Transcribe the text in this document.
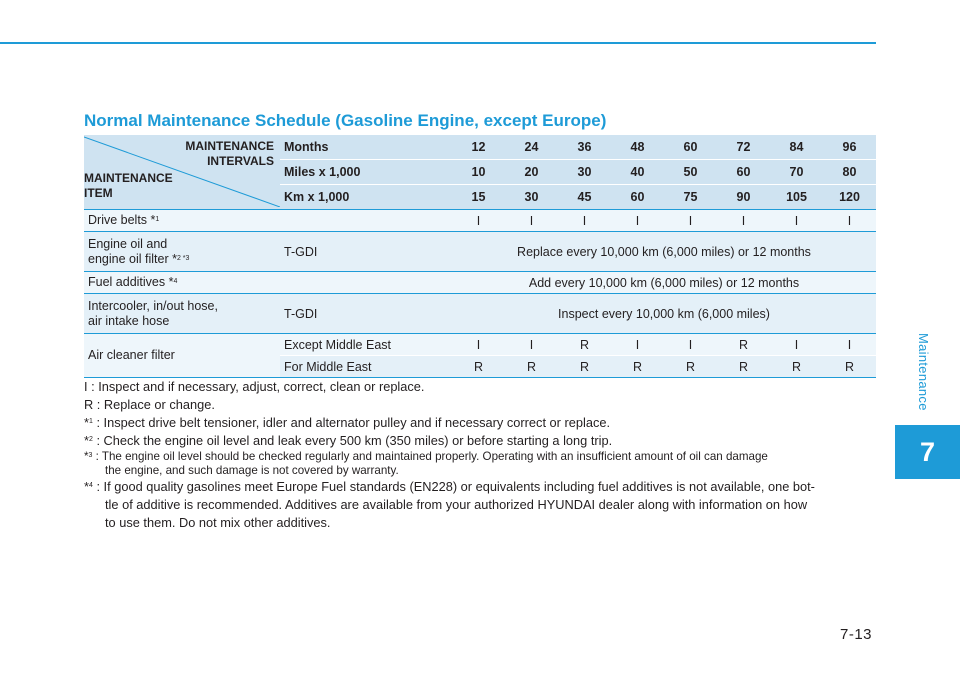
Maintenance
7
7-13
Normal Maintenance Schedule (Gasoline Engine, except Europe)
MAINTENANCE
INTERVALS
MAINTENANCE
ITEM	Months	12	24	36	48	60	72	84	96
	Miles x 1,000	10	20	30	40	50	60	70	80
	Km x 1,000	15	30	45	60	75	90	105	120
Drive belts *$^1$		I	I	I	I	I	I	I	I

Engine oil and
engine oil filter *$^{2 *3}$	T-GDI	Replace every 10,000 km (6,000 miles) or 12 months							
Fuel additives *$^4$		Add every 10,000 km (6,000 miles) or 12 months							

Intercooler, in/out hose,
air intake hose	T-GDI	Inspect every 10,000 km (6,000 miles)							
Air cleaner filter	Except Middle East	I	I	R	I	I	R	I	I
	For Middle East	R	R	R	R	R	R	R	R

I : Inspect and if necessary, adjust, correct, clean or replace.

R : Replace or change.

*$^1$ : Inspect drive belt tensioner, idler and alternator pulley and if necessary correct or replace.

*$^2$ : Check the engine oil level and leak every 500 km (350 miles) or before starting a long trip.

*$^3$ : The engine oil level should be checked regularly and maintained properly. Operating with an insufficient amount of oil can damage

the engine, and such damage is not covered by warranty.

*$^4$ : If good quality gasolines meet Europe Fuel standards (EN228) or equivalents including fuel additives is not available, one bot-

tle of additive is recommended. Additives are available from your authorized HYUNDAI dealer along with information on how

to use them. Do not mix other additives.
